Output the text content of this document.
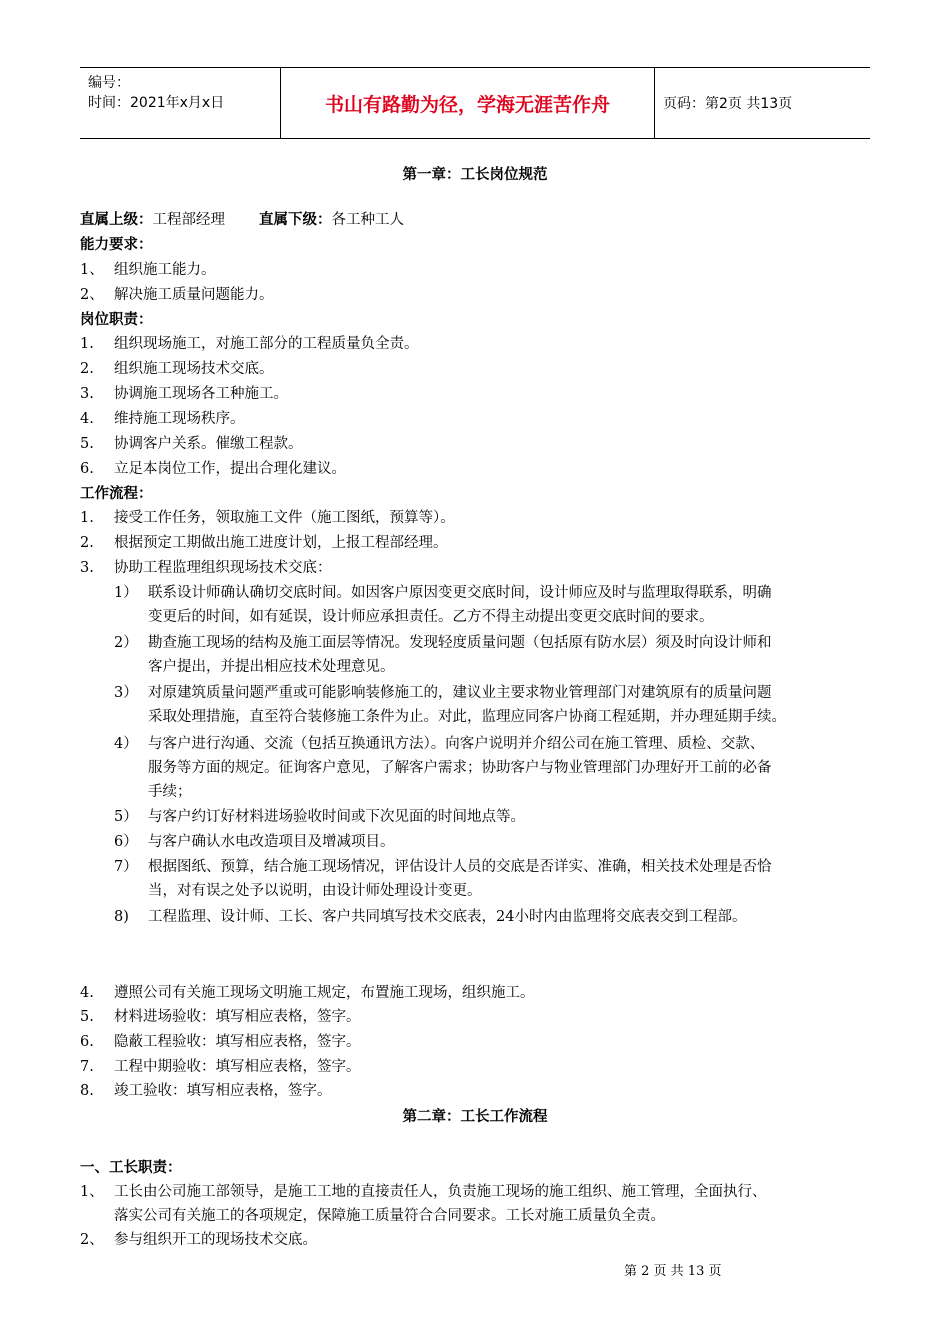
编号：
时间：2021年x月x日	书山有路勤为径，学海无涯苦作舟	页码：第2页 共13页
第一章：工长岗位规范
直属上级：工程部经理 直属下级：各工种工人
能力要求：
1、 组织施工能力。
2、 解决施工质量问题能力。
岗位职责：
1.	组织现场施工，对施工部分的工程质量负全责。
2.	组织施工现场技术交底。
3.	协调施工现场各工种施工。
4.	维持施工现场秩序。
5.	协调客户关系。催缴工程款。
6.	立足本岗位工作，提出合理化建议。
工作流程：
1.	接受工作任务，领取施工文件（施工图纸，预算等）。
2.	根据预定工期做出施工进度计划，上报工程部经理。
3.	协助工程监理组织现场技术交底：
1） 联系设计师确认确切交底时间。如因客户原因变更交底时间，设计师应及时与监理取得联系，明确
变更后的时间，如有延误，设计师应承担责任。乙方不得主动提出变更交底时间的要求。
2） 勘查施工现场的结构及施工面层等情况。发现轻度质量问题（包括原有防水层）须及时向设计师和
客户提出，并提出相应技术处理意见。
3） 对原建筑质量问题严重或可能影响装修施工的，建议业主要求物业管理部门对建筑原有的质量问题
采取处理措施，直至符合装修施工条件为止。对此，监理应同客户协商工程延期，并办理延期手续。
4） 与客户进行沟通、交流（包括互换通讯方法）。向客户说明并介绍公司在施工管理、质检、交款、
服务等方面的规定。征询客户意见，了解客户需求；协助客户与物业管理部门办理好开工前的必备
手续；
5） 与客户约订好材料进场验收时间或下次见面的时间地点等。
6） 与客户确认水电改造项目及增减项目。
7） 根据图纸、预算，结合施工现场情况，评估设计人员的交底是否详实、准确，相关技术处理是否恰
当，对有误之处予以说明，由设计师处理设计变更。
8)	工程监理、设计师、工长、客户共同填写技术交底表，24小时内由监理将交底表交到工程部。
4.	遵照公司有关施工现场文明施工规定，布置施工现场，组织施工。
5.	材料进场验收：填写相应表格，签字。
6.	隐蔽工程验收：填写相应表格，签字。
7.	工程中期验收：填写相应表格，签字。
8.	竣工验收：填写相应表格，签字。
第二章：工长工作流程
一、工长职责：
1、 工长由公司施工部领导，是施工工地的直接责任人，负责施工现场的施工组织、施工管理，全面执行、
落实公司有关施工的各项规定，保障施工质量符合合同要求。工长对施工质量负全责。
2、 参与组织开工的现场技术交底。
第 2 页 共 13 页
